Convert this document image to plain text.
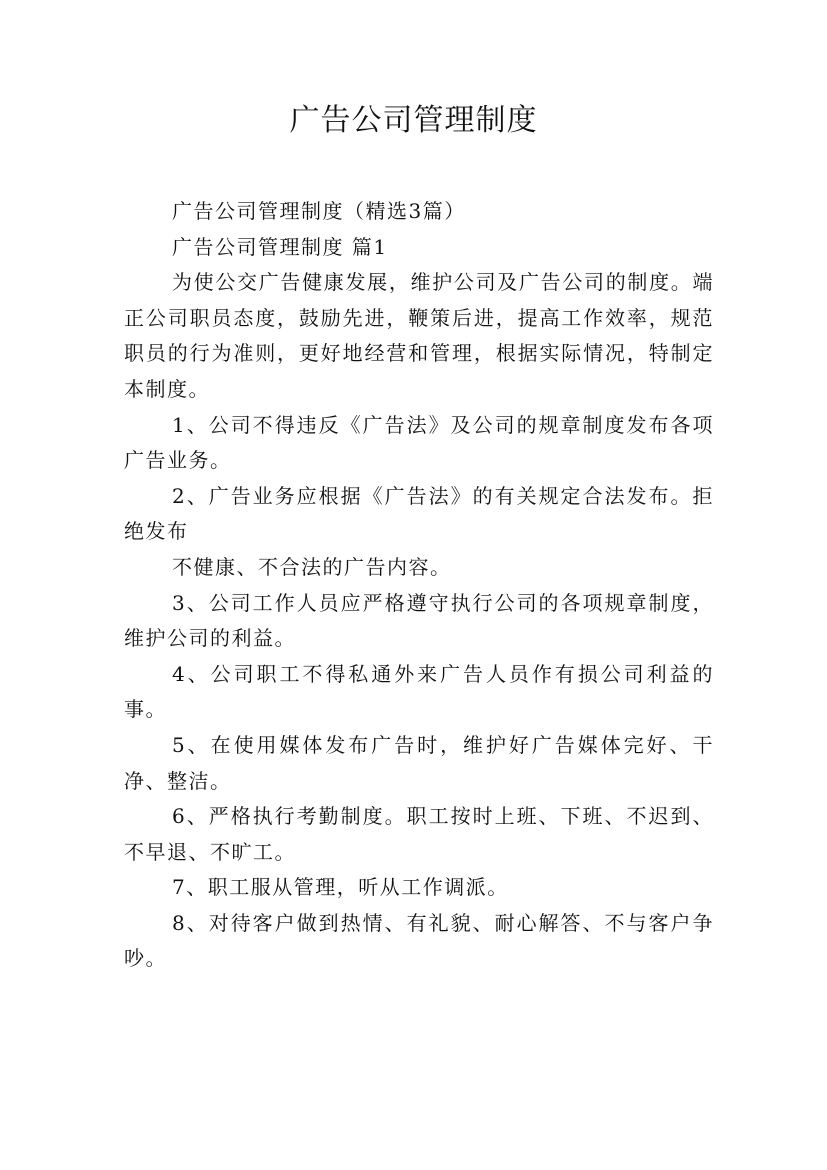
广告公司管理制度

广告公司管理制度（精选3篇）

广告公司管理制度 篇1

为使公交广告健康发展，维护公司及广告公司的制度。端正公司职员态度，鼓励先进，鞭策后进，提高工作效率，规范职员的行为准则，更好地经营和管理，根据实际情况，特制定本制度。

1、公司不得违反《广告法》及公司的规章制度发布各项广告业务。

2、广告业务应根据《广告法》的有关规定合法发布。拒绝发布

不健康、不合法的广告内容。

3、公司工作人员应严格遵守执行公司的各项规章制度，维护公司的利益。

4、公司职工不得私通外来广告人员作有损公司利益的事。

5、在使用媒体发布广告时，维护好广告媒体完好、干净、整洁。

6、严格执行考勤制度。职工按时上班、下班、不迟到、不早退、不旷工。

7、职工服从管理，听从工作调派。

8、对待客户做到热情、有礼貌、耐心解答、不与客户争吵。
